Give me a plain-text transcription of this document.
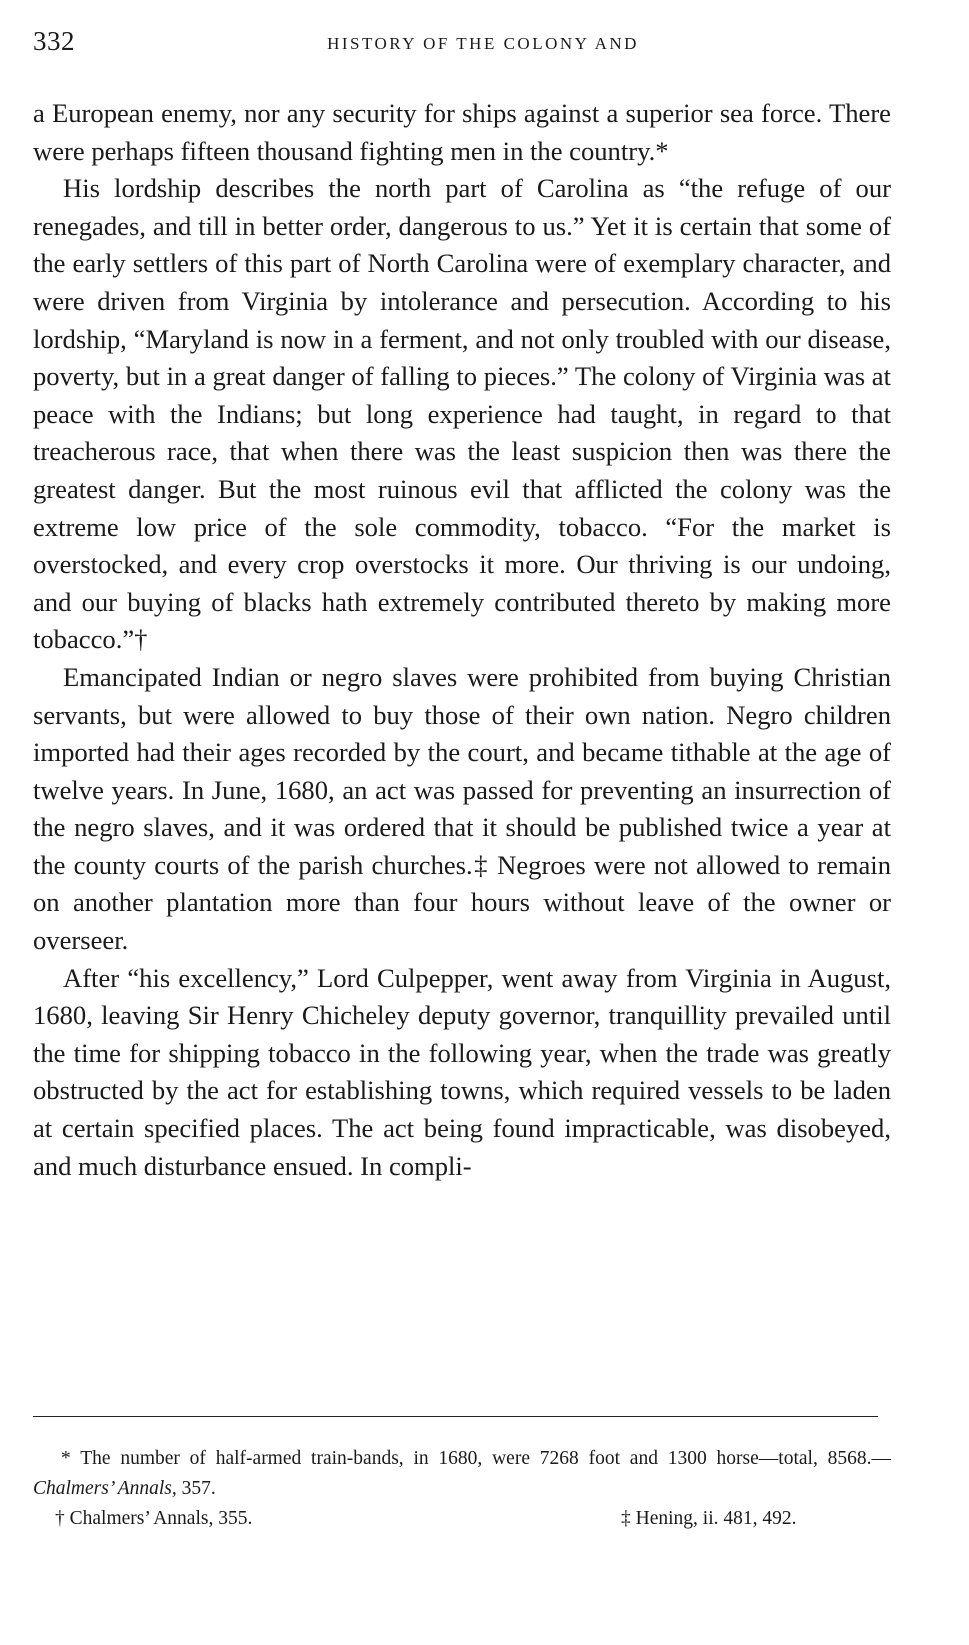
332	HISTORY OF THE COLONY AND

a European enemy, nor any security for ships against a superior sea force. There were perhaps fifteen thousand fighting men in the country.*

His lordship describes the north part of Carolina as “the refuge of our renegades, and till in better order, dangerous to us.” Yet it is certain that some of the early settlers of this part of North Carolina were of exemplary character, and were driven from Virginia by intolerance and persecution. According to his lordship, “Maryland is now in a ferment, and not only troubled with our disease, poverty, but in a great danger of falling to pieces.” The colony of Virginia was at peace with the Indians; but long experience had taught, in regard to that treacherous race, that when there was the least suspicion then was there the greatest danger. But the most ruinous evil that afflicted the colony was the extreme low price of the sole commodity, tobacco. “For the market is overstocked, and every crop overstocks it more. Our thriving is our undoing, and our buying of blacks hath extremely contributed thereto by making more tobacco.”†

Emancipated Indian or negro slaves were prohibited from buying Christian servants, but were allowed to buy those of their own nation. Negro children imported had their ages recorded by the court, and became tithable at the age of twelve years. In June, 1680, an act was passed for preventing an insurrection of the negro slaves, and it was ordered that it should be published twice a year at the county courts of the parish churches.‡ Negroes were not allowed to remain on another plantation more than four hours without leave of the owner or overseer.

After “his excellency,” Lord Culpepper, went away from Virginia in August, 1680, leaving Sir Henry Chicheley deputy governor, tranquillity prevailed until the time for shipping tobacco in the following year, when the trade was greatly obstructed by the act for establishing towns, which required vessels to be laden at certain specified places. The act being found impracticable, was disobeyed, and much disturbance ensued. In compli-

* The number of half-armed train-bands, in 1680, were 7268 foot and 1300 horse—total, 8568.—Chalmers’ Annals, 357.

† Chalmers’ Annals, 355.	‡ Hening, ii. 481, 492.
